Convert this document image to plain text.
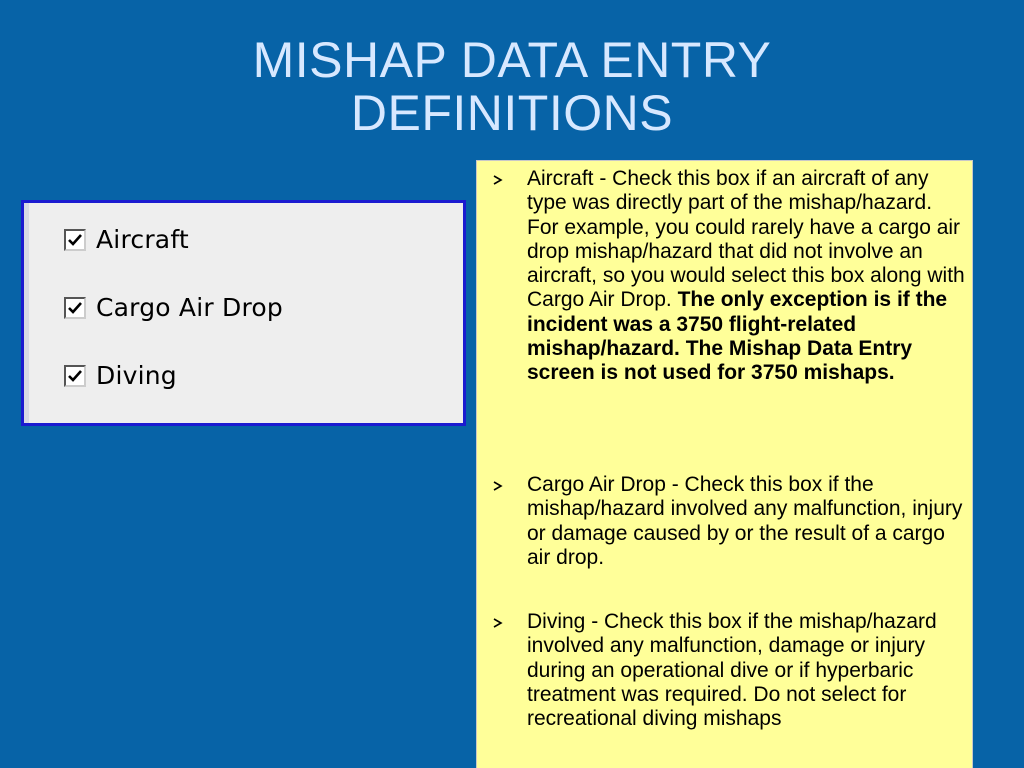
MISHAP DATA ENTRY
DEFINITIONS
Aircraft
Cargo Air Drop
Diving
Aircraft - Check this box if an aircraft of any type was directly part of the mishap/hazard. For example, you could rarely have a cargo air drop mishap/hazard that did not involve an aircraft, so you would select this box along with Cargo Air Drop. The only exception is if the incident was a 3750 flight-related mishap/hazard. The Mishap Data Entry screen is not used for 3750 mishaps.
Cargo Air Drop - Check this box if the mishap/hazard involved any malfunction, injury or damage caused by or the result of a cargo air drop.
Diving - Check this box if the mishap/hazard involved any malfunction, damage or injury during an operational dive or if hyperbaric treatment was required. Do not select for recreational diving mishaps
